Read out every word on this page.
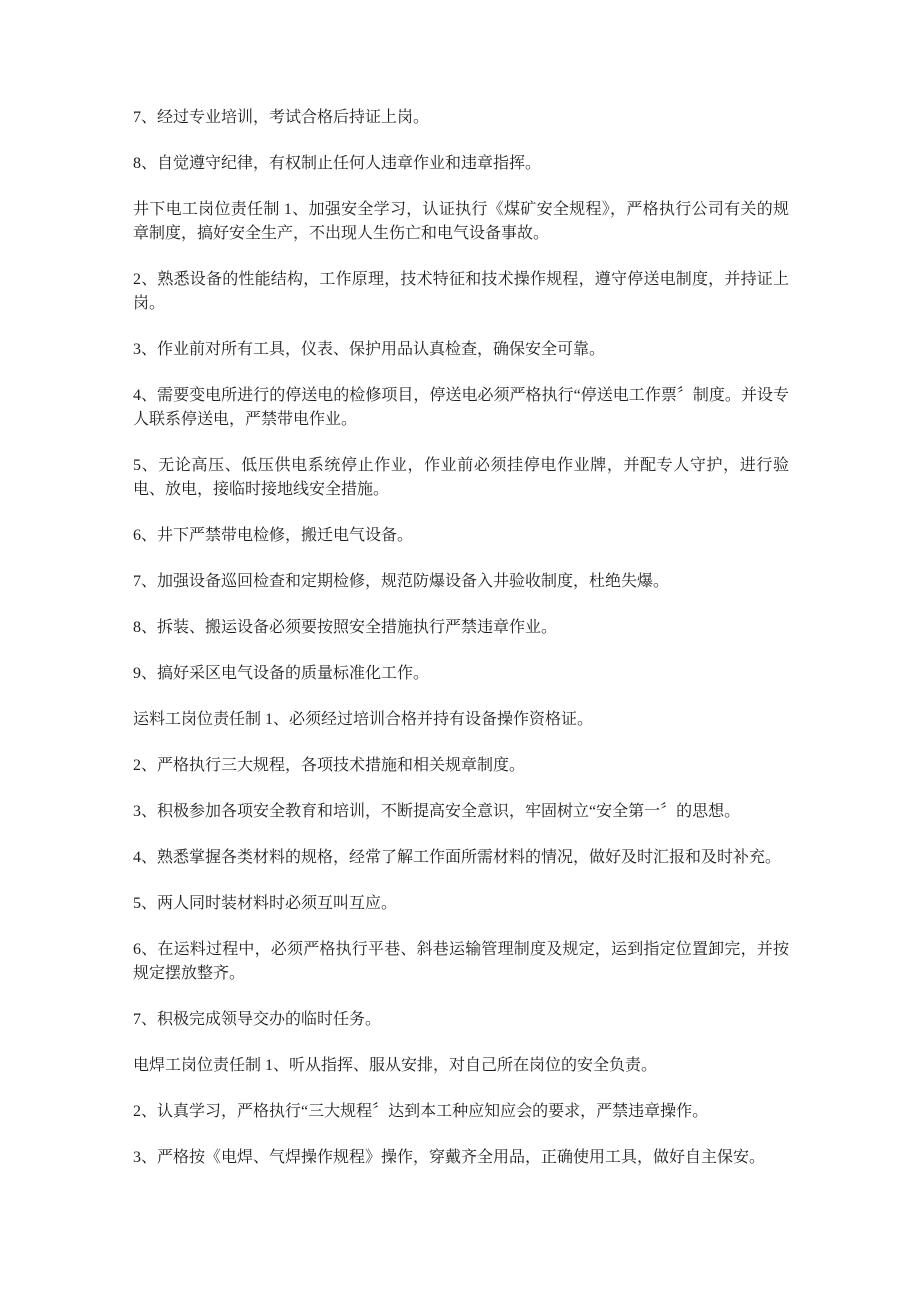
7、经过专业培训，考试合格后持证上岗。

8、自觉遵守纪律，有权制止任何人违章作业和违章指挥。

井下电工岗位责任制 1、加强安全学习，认证执行《煤矿安全规程》，严格执行公司有关的规章制度，搞好安全生产，不出现人生伤亡和电气设备事故。

2、熟悉设备的性能结构，工作原理，技术特征和技术操作规程，遵守停送电制度，并持证上岗。

3、作业前对所有工具，仪表、保护用品认真检查，确保安全可靠。

4、需要变电所进行的停送电的检修项目，停送电必须严格执行“停送电工作票〞制度。并设专人联系停送电，严禁带电作业。

5、无论高压、低压供电系统停止作业，作业前必须挂停电作业牌，并配专人守护，进行验电、放电，接临时接地线安全措施。

6、井下严禁带电检修，搬迁电气设备。

7、加强设备巡回检查和定期检修，规范防爆设备入井验收制度，杜绝失爆。

8、拆装、搬运设备必须要按照安全措施执行严禁违章作业。

9、搞好采区电气设备的质量标准化工作。

运料工岗位责任制 1、必须经过培训合格并持有设备操作资格证。

2、严格执行三大规程，各项技术措施和相关规章制度。

3、积极参加各项安全教育和培训，不断提高安全意识，牢固树立“安全第一〞的思想。

4、熟悉掌握各类材料的规格，经常了解工作面所需材料的情况，做好及时汇报和及时补充。

5、两人同时装材料时必须互叫互应。

6、在运料过程中，必须严格执行平巷、斜巷运输管理制度及规定，运到指定位置卸完，并按规定摆放整齐。

7、积极完成领导交办的临时任务。

电焊工岗位责任制 1、听从指挥、服从安排，对自己所在岗位的安全负责。

2、认真学习，严格执行“三大规程〞达到本工种应知应会的要求，严禁违章操作。

3、严格按《电焊、气焊操作规程》操作，穿戴齐全用品，正确使用工具，做好自主保安。
